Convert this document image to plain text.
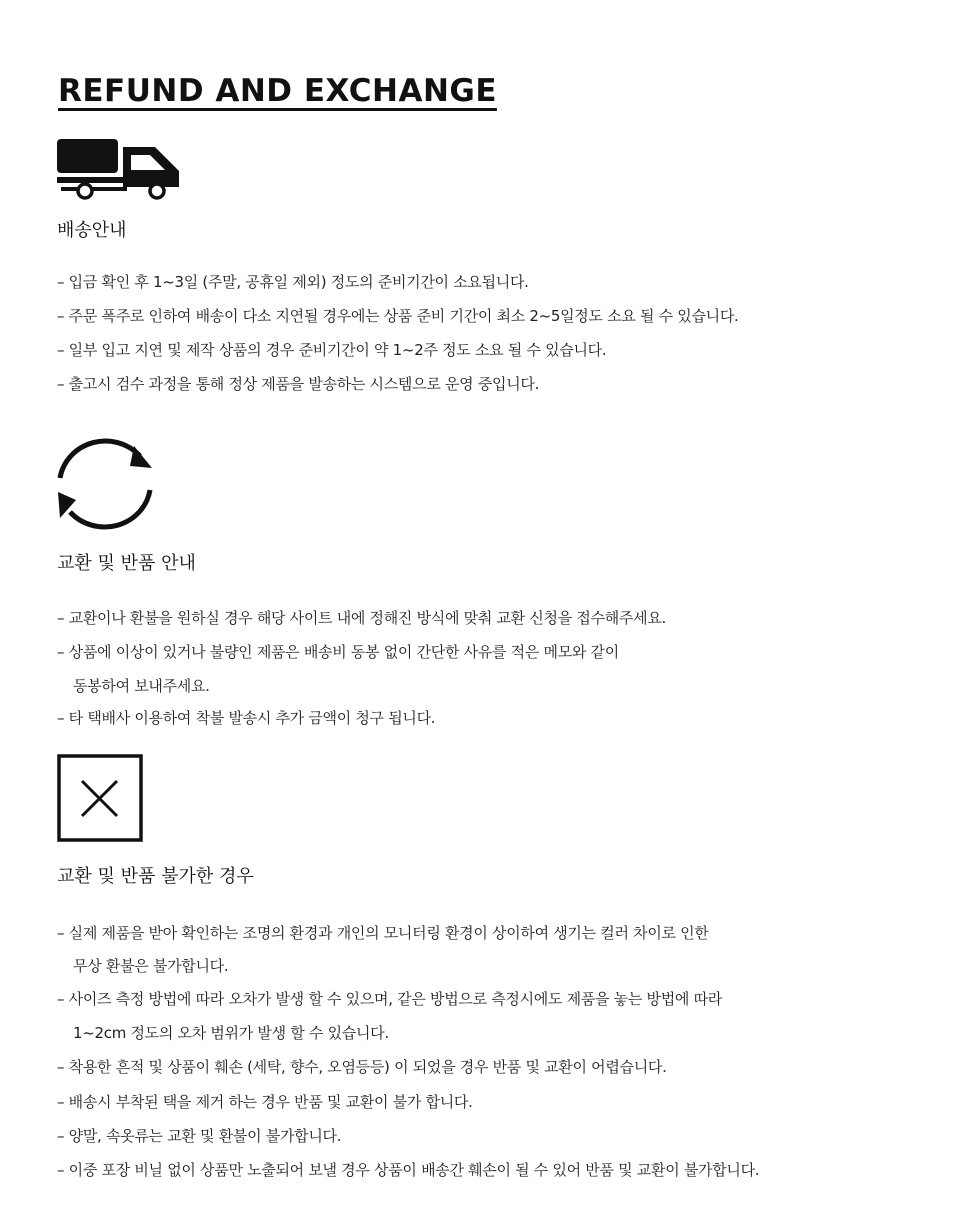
REFUND AND EXCHANGE
배송안내
– 입금 확인 후 1~3일 (주말, 공휴일 제외) 정도의 준비기간이 소요됩니다.
– 주문 폭주로 인하여 배송이 다소 지연될 경우에는 상품 준비 기간이 최소 2~5일정도 소요 될 수 있습니다.
– 일부 입고 지연 및 제작 상품의 경우 준비기간이 약 1~2주 정도 소요 될 수 있습니다.
– 출고시 검수 과정을 통해 정상 제품을 발송하는 시스템으로 운영 중입니다.
교환 및 반품 안내
– 교환이나 환불을 원하실 경우 해당 사이트 내에 정해진 방식에 맞춰 교환 신청을 접수해주세요.
– 상품에 이상이 있거나 불량인 제품은 배송비 동봉 없이 간단한 사유를 적은 메모와 같이
동봉하여 보내주세요.
– 타 택배사 이용하여 착불 발송시 추가 금액이 청구 됩니다.
교환 및 반품 불가한 경우
– 실제 제품을 받아 확인하는 조명의 환경과 개인의 모니터링 환경이 상이하여 생기는 컬러 차이로 인한
무상 환불은 불가합니다.
– 사이즈 측정 방법에 따라 오차가 발생 할 수 있으며, 같은 방법으로 측정시에도 제품을 놓는 방법에 따라
1~2cm 정도의 오차 범위가 발생 할 수 있습니다.
– 착용한 흔적 및 상품이 훼손 (세탁, 향수, 오염등등) 이 되었을 경우 반품 및 교환이 어렵습니다.
– 배송시 부착된 택을 제거 하는 경우 반품 및 교환이 불가 합니다.
– 양말, 속옷류는 교환 및 환불이 불가합니다.
– 이중 포장 비닐 없이 상품만 노출되어 보낼 경우 상품이 배송간 훼손이 될 수 있어 반품 및 교환이 불가합니다.
